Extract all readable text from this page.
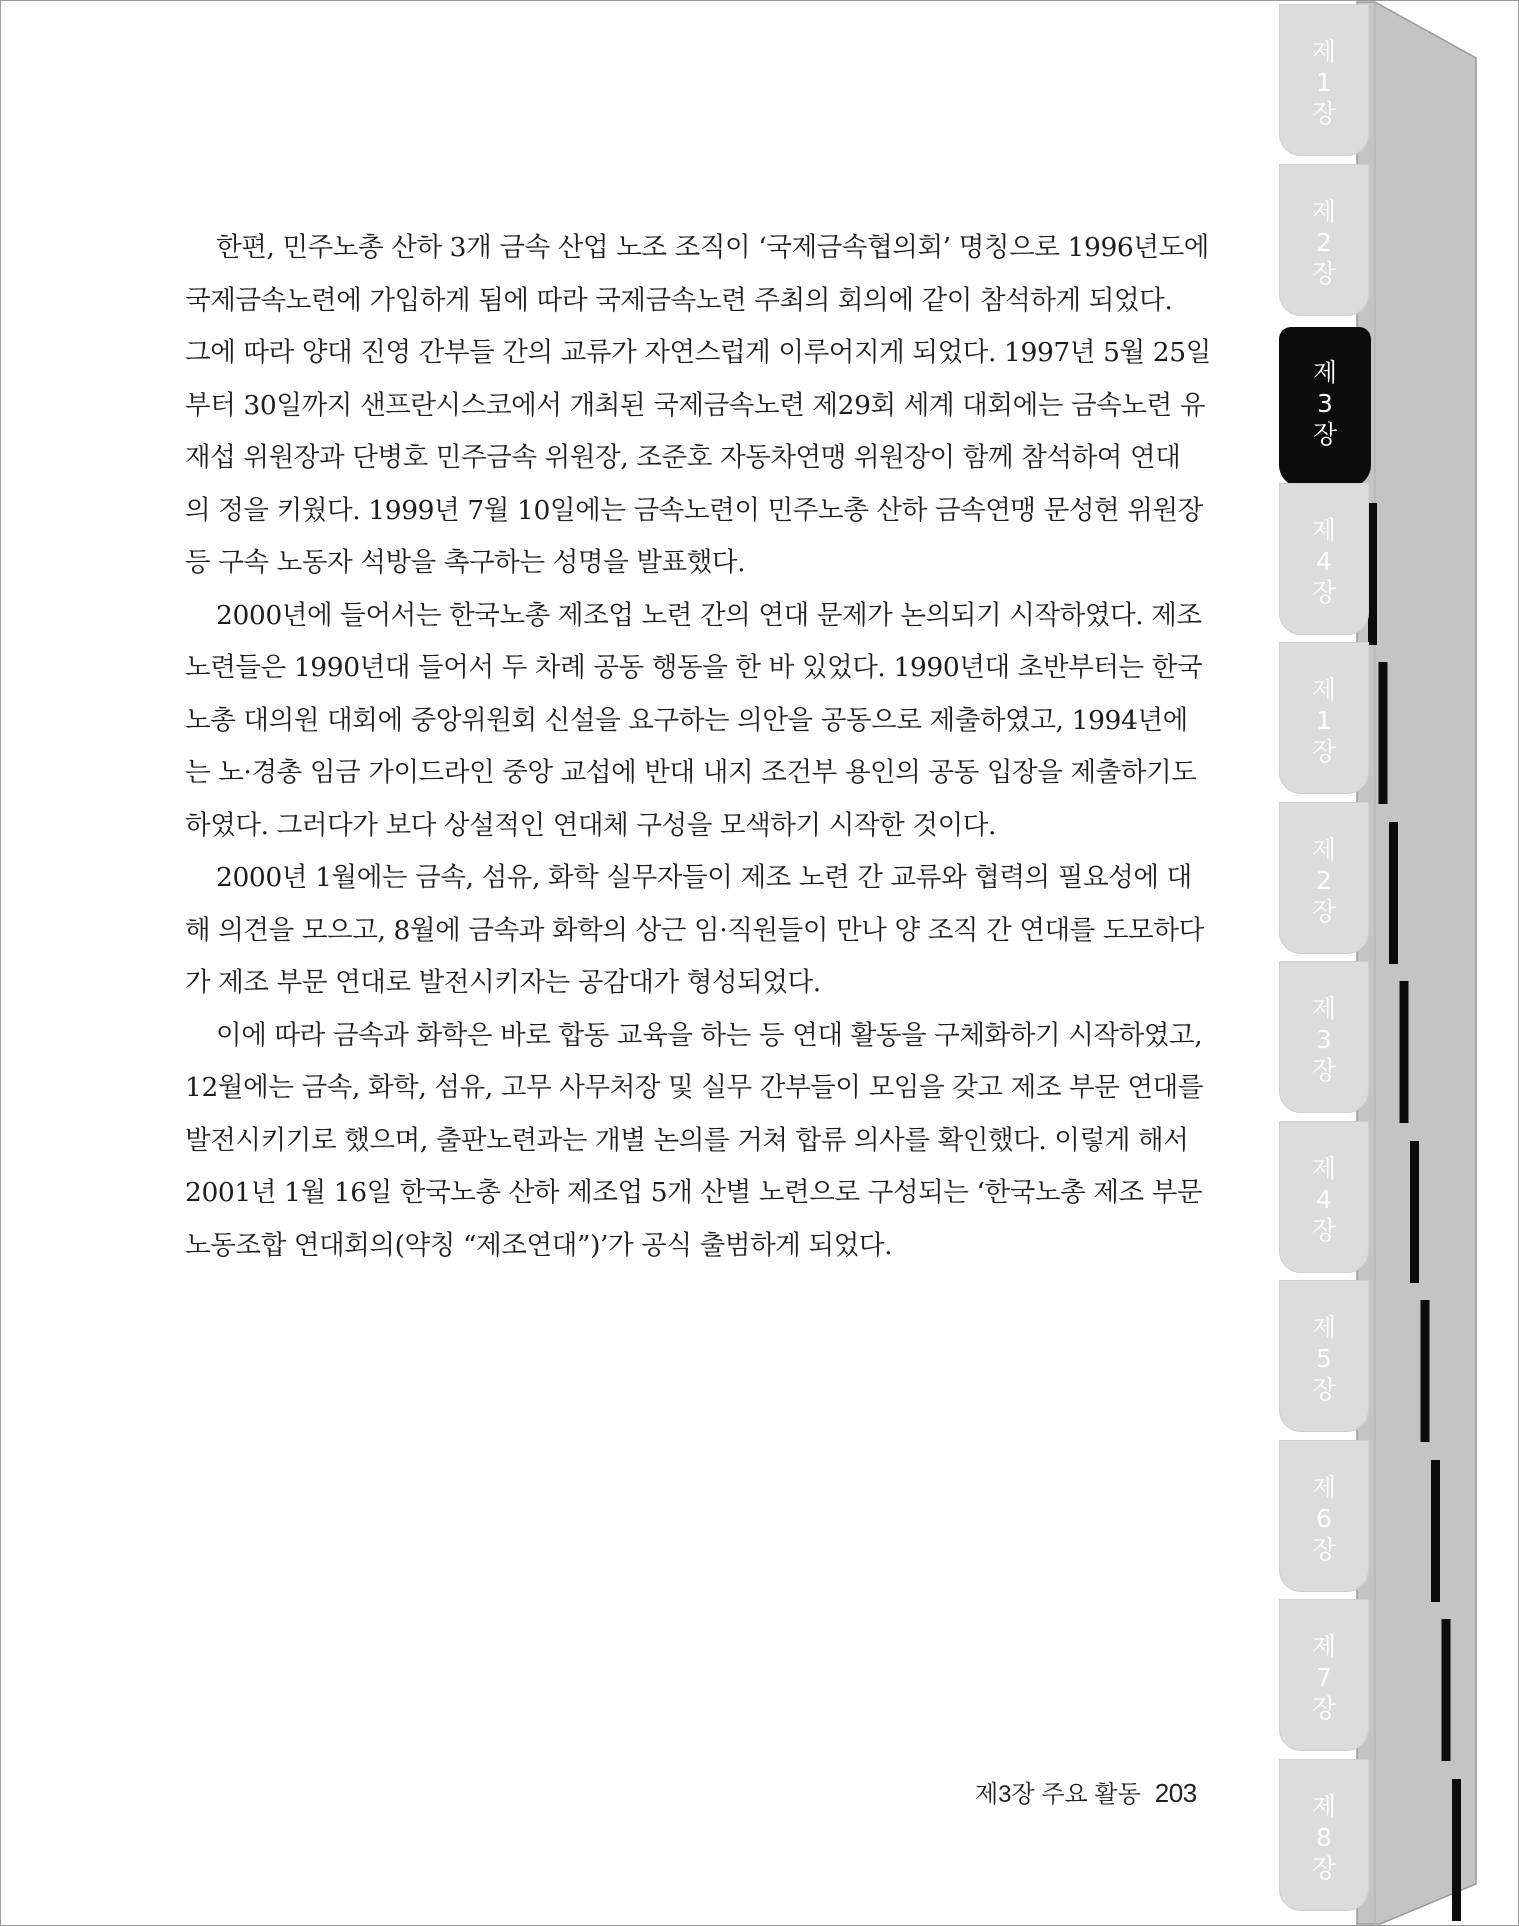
한편, 민주노총 산하 3개 금속 산업 노조 조직이 ‘국제금속협의회’ 명칭으로 1996년도에
국제금속노련에 가입하게 됨에 따라 국제금속노련 주최의 회의에 같이 참석하게 되었다.
그에 따라 양대 진영 간부들 간의 교류가 자연스럽게 이루어지게 되었다. 1997년 5월 25일
부터 30일까지 샌프란시스코에서 개최된 국제금속노련 제29회 세계 대회에는 금속노련 유
재섭 위원장과 단병호 민주금속 위원장, 조준호 자동차연맹 위원장이 함께 참석하여 연대
의 정을 키웠다. 1999년 7월 10일에는 금속노련이 민주노총 산하 금속연맹 문성현 위원장
등 구속 노동자 석방을 촉구하는 성명을 발표했다.
2000년에 들어서는 한국노총 제조업 노련 간의 연대 문제가 논의되기 시작하였다. 제조
노련들은 1990년대 들어서 두 차례 공동 행동을 한 바 있었다. 1990년대 초반부터는 한국
노총 대의원 대회에 중앙위원회 신설을 요구하는 의안을 공동으로 제출하였고, 1994년에
는 노·경총 임금 가이드라인 중앙 교섭에 반대 내지 조건부 용인의 공동 입장을 제출하기도
하였다. 그러다가 보다 상설적인 연대체 구성을 모색하기 시작한 것이다.
2000년 1월에는 금속, 섬유, 화학 실무자들이 제조 노련 간 교류와 협력의 필요성에 대
해 의견을 모으고, 8월에 금속과 화학의 상근 임·직원들이 만나 양 조직 간 연대를 도모하다
가 제조 부문 연대로 발전시키자는 공감대가 형성되었다.
이에 따라 금속과 화학은 바로 합동 교육을 하는 등 연대 활동을 구체화하기 시작하였고,
12월에는 금속, 화학, 섬유, 고무 사무처장 및 실무 간부들이 모임을 갖고 제조 부문 연대를
발전시키기로 했으며, 출판노련과는 개별 논의를 거쳐 합류 의사를 확인했다. 이렇게 해서
2001년 1월 16일 한국노총 산하 제조업 5개 산별 노련으로 구성되는 ‘한국노총 제조 부문
노동조합 연대회의(약칭 “제조연대”)’가 공식 출범하게 되었다.
제3장 주요 활동 203
제
1
장
제
2
장
제
3
장
제
4
장
제
1
장
제
2
장
제
3
장
제
4
장
제
5
장
제
6
장
제
7
장
제
8
장
